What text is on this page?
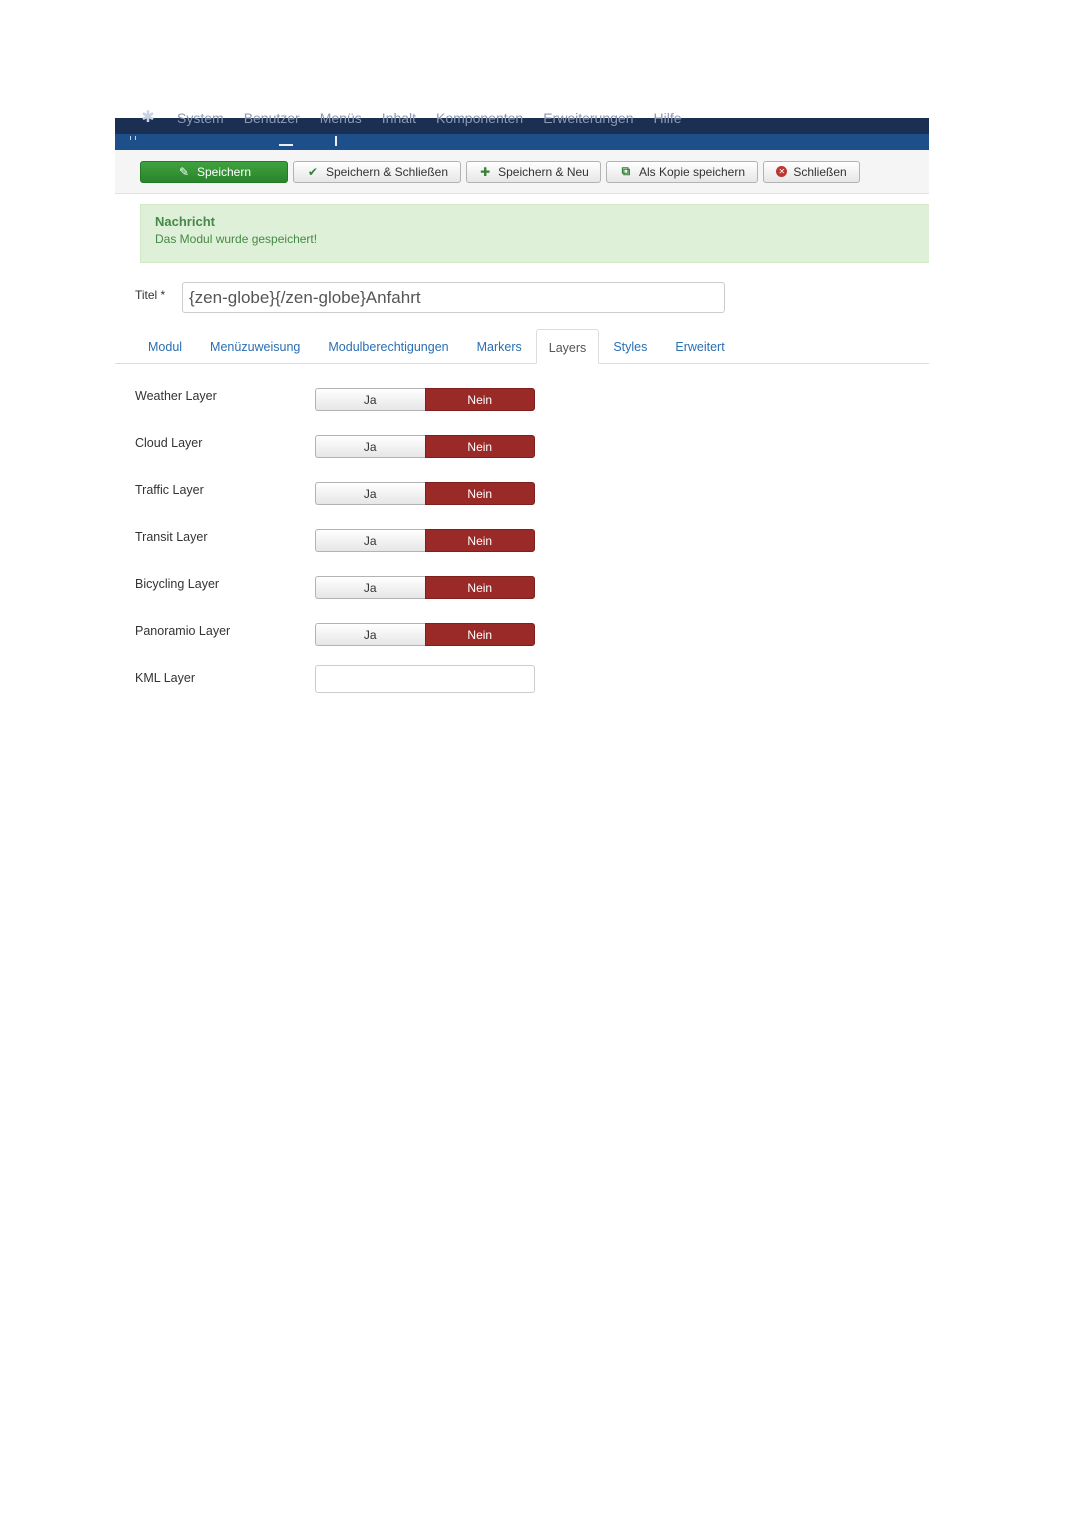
✱ System Benutzer Menüs Inhalt Komponenten Erweiterungen Hilfe
✎ Speichern	✔ Speichern & Schließen	✚ Speichern & Neu	⧉ Als Kopie speichern	✕ Schließen
Nachricht

Das Modul wurde gespeichert!

Titel *
{zen-globe}{/zen-globe}Anfahrt
Modul	Menüzuweisung	Modulberechtigungen	Markers	Layers	Styles	Erweitert
Weather Layer	Ja	Nein
Cloud Layer	Ja	Nein
Traffic Layer	Ja	Nein
Transit Layer	Ja	Nein
Bicycling Layer	Ja	Nein
Panoramio Layer	Ja	Nein
KML Layer
